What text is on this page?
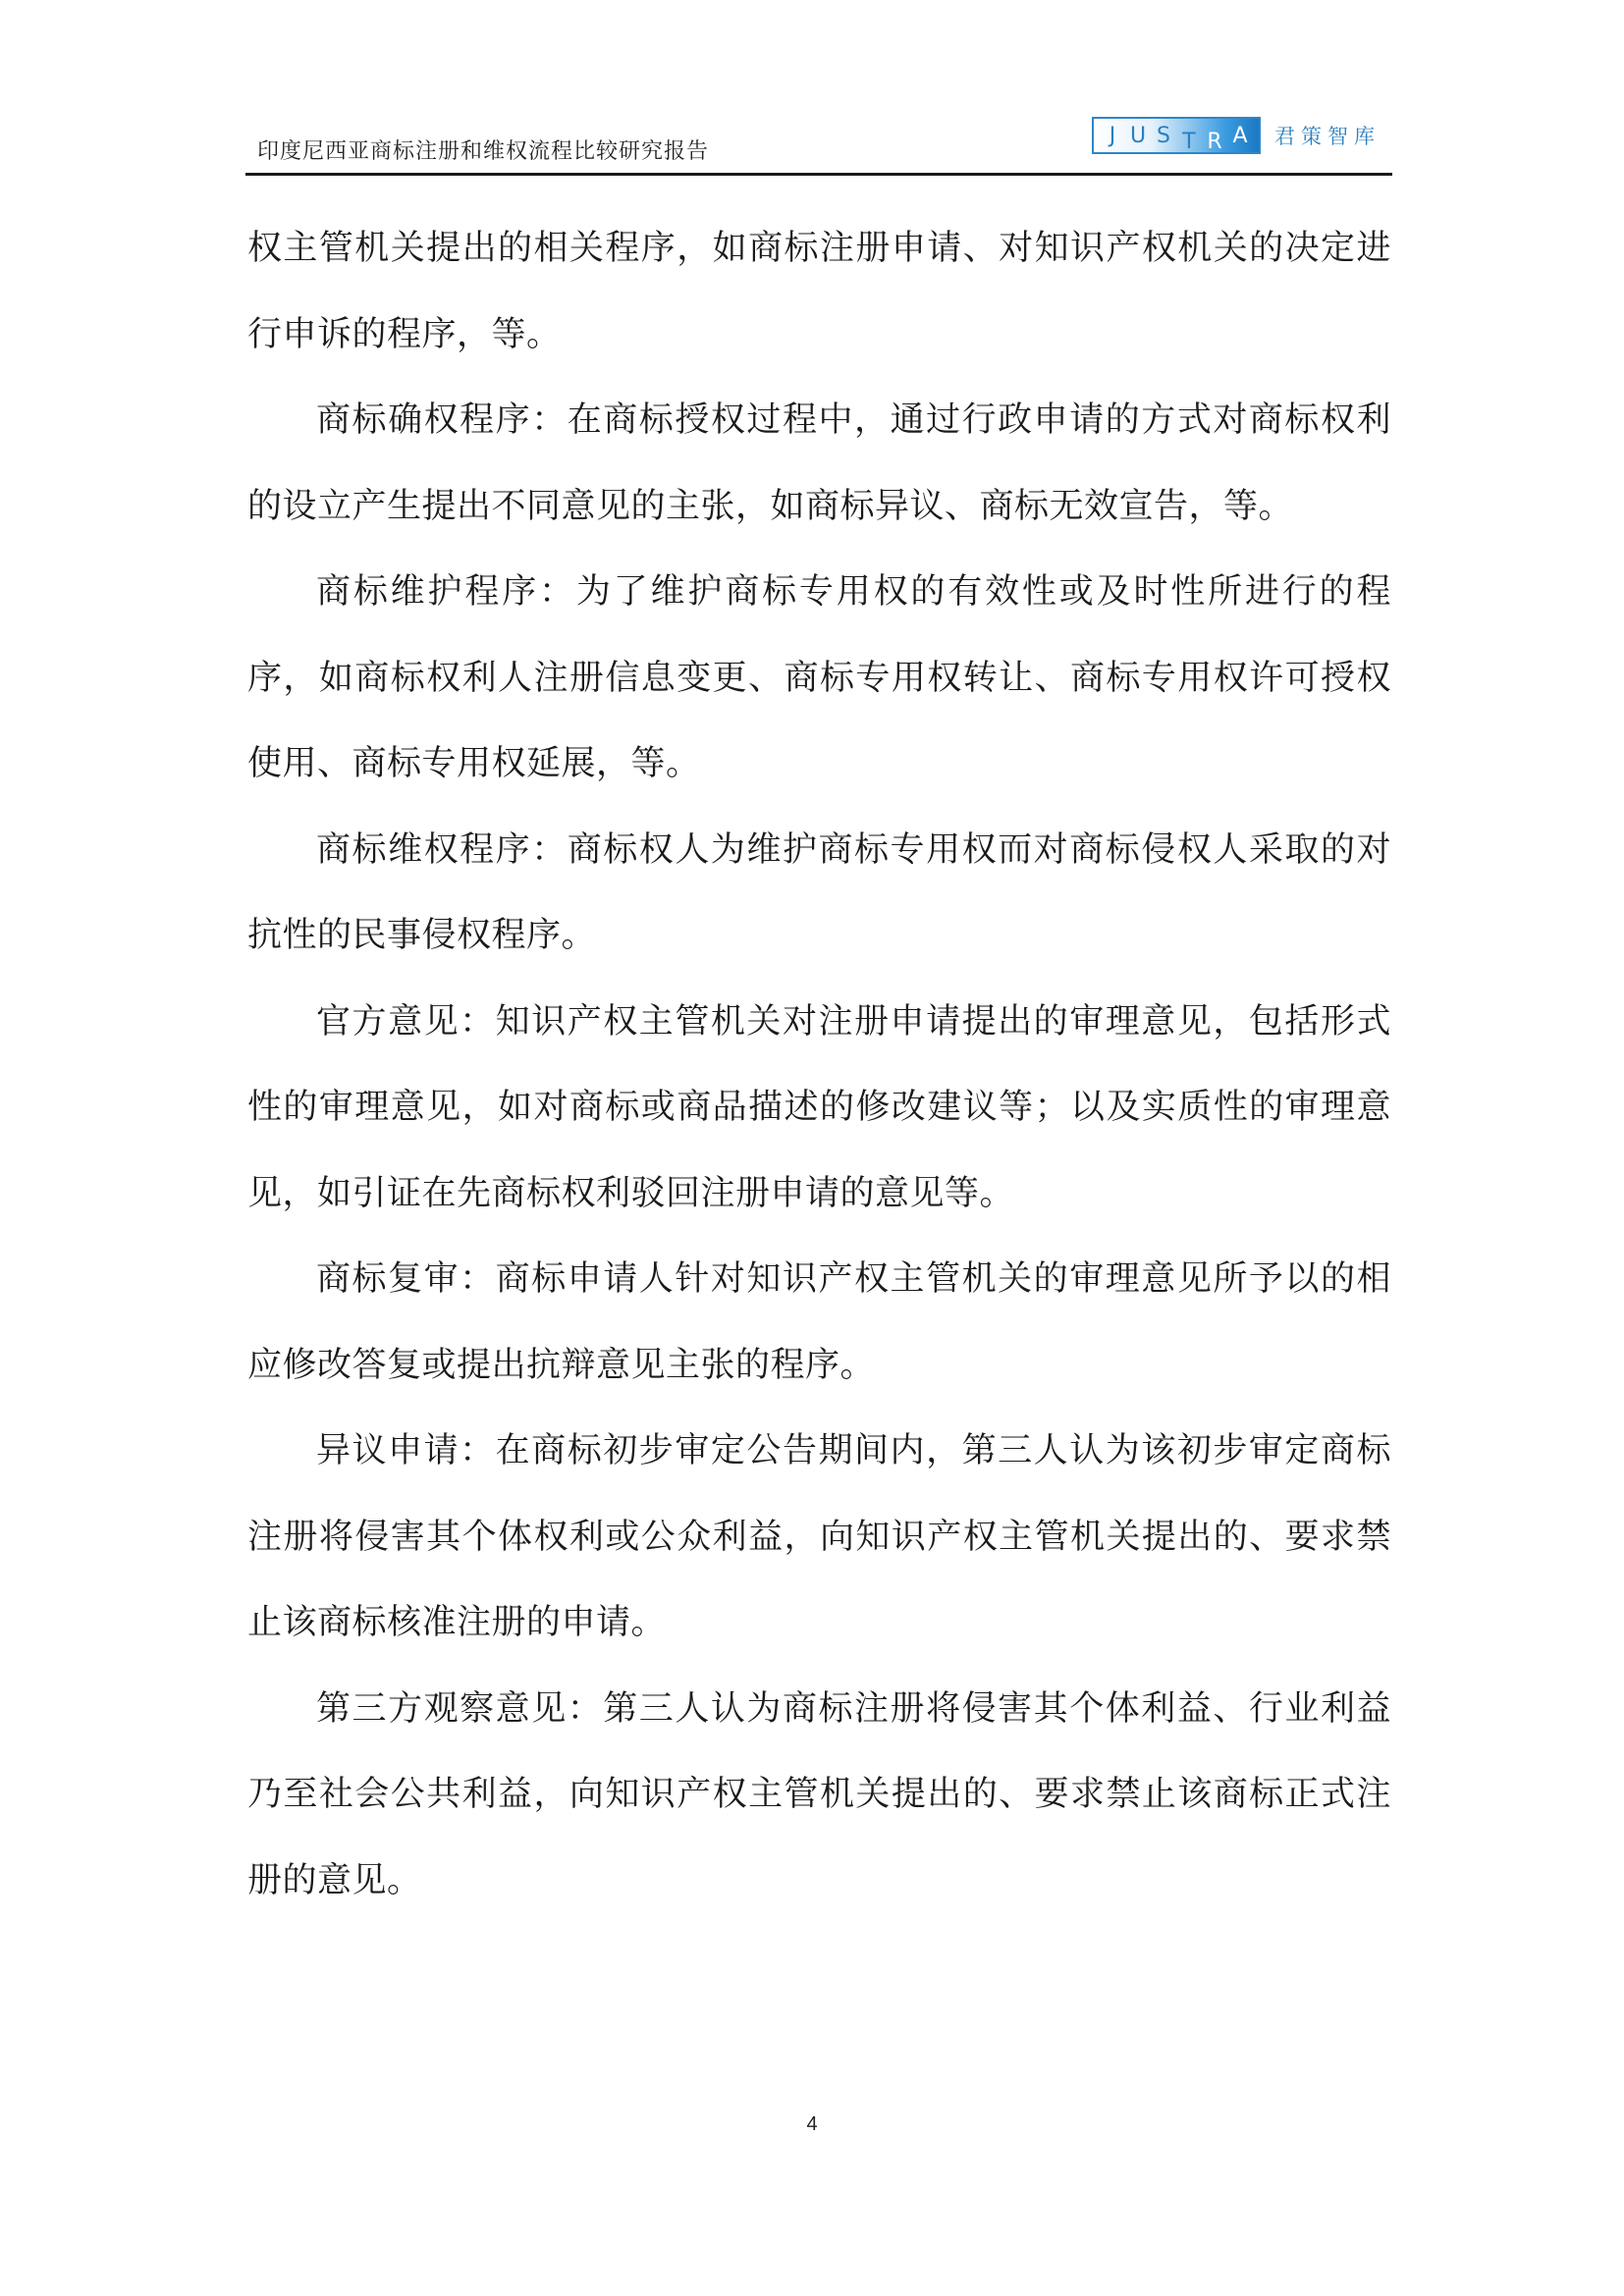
印度尼西亚商标注册和维权流程比较研究报告
J U S T R A 君策智库

权主管机关提出的相关程序，如商标注册申请、对知识产权机关的决定进行申诉的程序，等。

商标确权程序：在商标授权过程中，通过行政申请的方式对商标权利的设立产生提出不同意见的主张，如商标异议、商标无效宣告，等。

商标维护程序：为了维护商标专用权的有效性或及时性所进行的程序，如商标权利人注册信息变更、商标专用权转让、商标专用权许可授权使用、商标专用权延展，等。

商标维权程序：商标权人为维护商标专用权而对商标侵权人采取的对抗性的民事侵权程序。

官方意见：知识产权主管机关对注册申请提出的审理意见，包括形式性的审理意见，如对商标或商品描述的修改建议等；以及实质性的审理意见，如引证在先商标权利驳回注册申请的意见等。

商标复审：商标申请人针对知识产权主管机关的审理意见所予以的相应修改答复或提出抗辩意见主张的程序。

异议申请：在商标初步审定公告期间内，第三人认为该初步审定商标注册将侵害其个体权利或公众利益，向知识产权主管机关提出的、要求禁止该商标核准注册的申请。

第三方观察意见：第三人认为商标注册将侵害其个体利益、行业利益乃至社会公共利益，向知识产权主管机关提出的、要求禁止该商标正式注册的意见。

4
